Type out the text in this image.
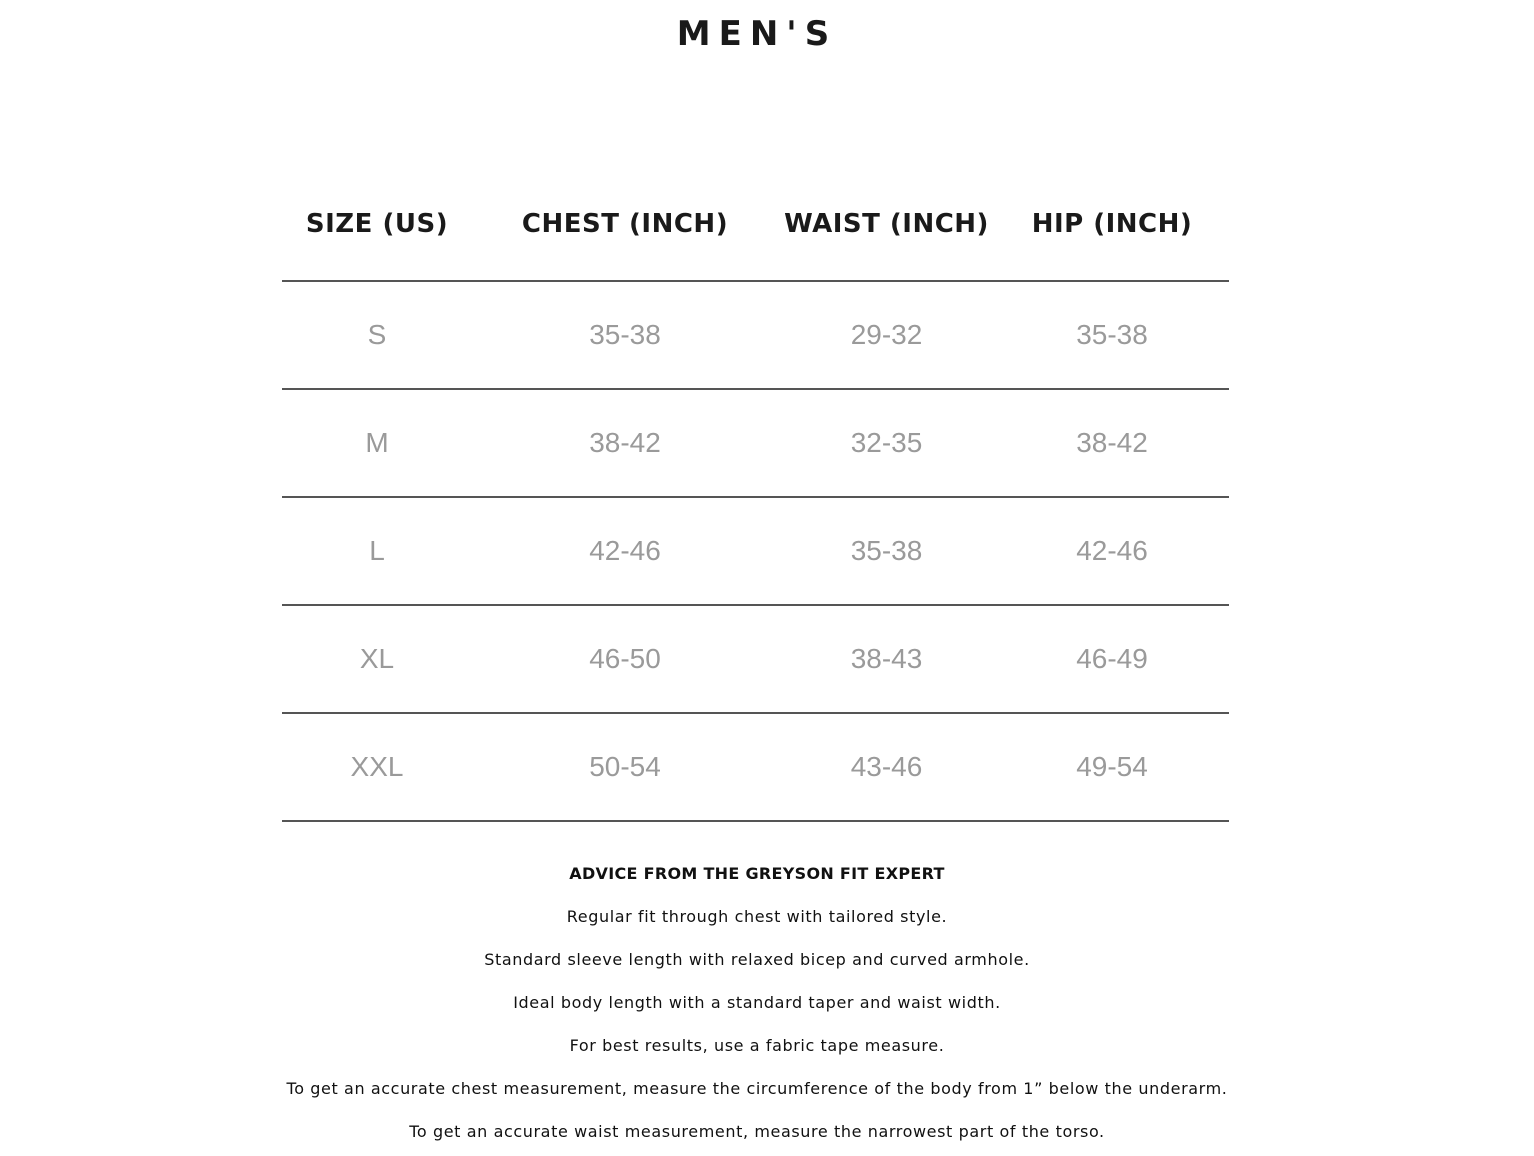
MEN'S
SIZE (US)	CHEST (INCH)	WAIST (INCH)	HIP (INCH)
S	35-38	29-32	35-38
M	38-42	32-35	38-42
L	42-46	35-38	42-46
XL	46-50	38-43	46-49
XXL	50-54	43-46	49-54

ADVICE FROM THE GREYSON FIT EXPERT

Regular fit through chest with tailored style.

Standard sleeve length with relaxed bicep and curved armhole.

Ideal body length with a standard taper and waist width.

For best results, use a fabric tape measure.

To get an accurate chest measurement, measure the circumference of the body from 1” below the underarm.

To get an accurate waist measurement, measure the narrowest part of the torso.
